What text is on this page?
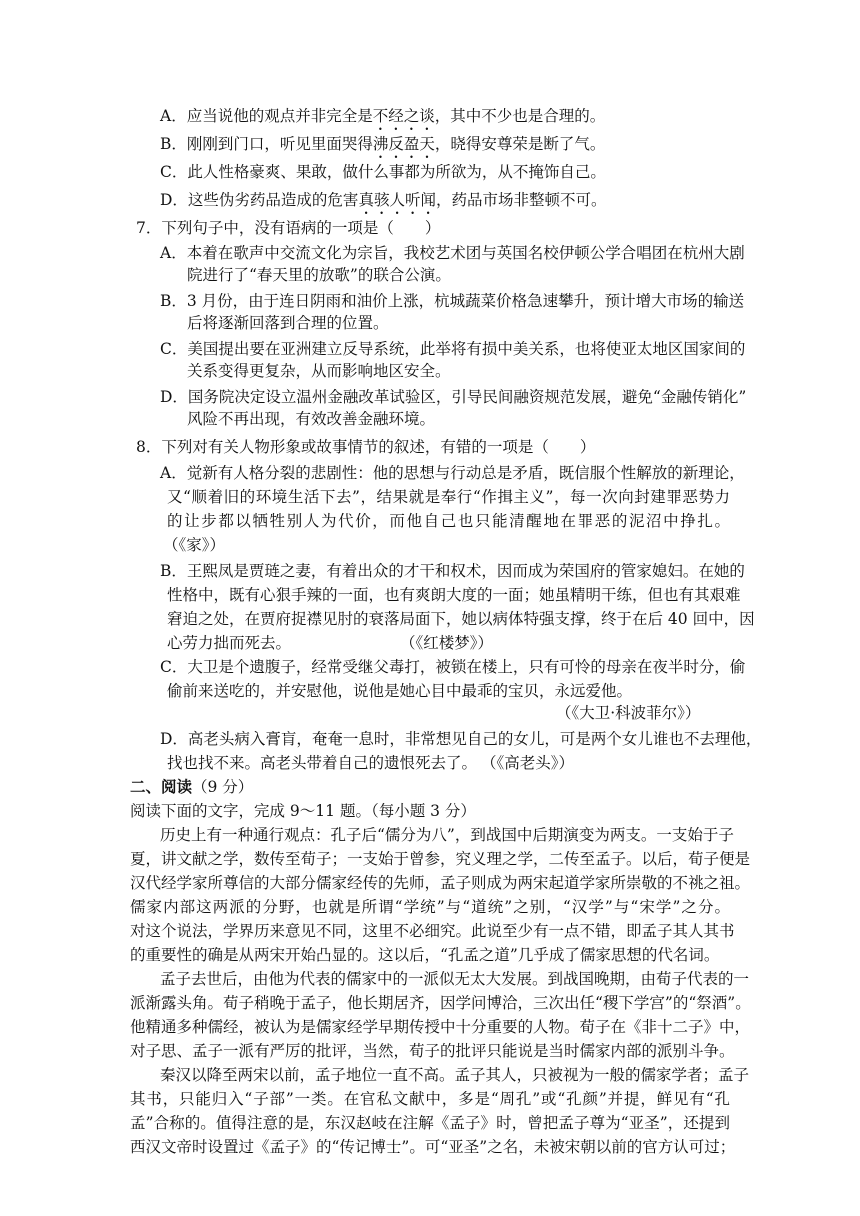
A．应当说他的观点并非完全是不经之谈，其中不少也是合理的。
B．刚刚到门口，听见里面哭得沸反盈天，晓得安尊荣是断了气。
C．此人性格豪爽、果敢，做什么事都为所欲为，从不掩饰自己。
D．这些伪劣药品造成的危害真骇人听闻，药品市场非整顿不可。
7．下列句子中，没有语病的一项是（　　）
A．本着在歌声中交流文化为宗旨，我校艺术团与英国名校伊顿公学合唱团在杭州大剧
院进行了“春天里的放歌”的联合公演。
B．3 月份，由于连日阴雨和油价上涨，杭城蔬菜价格急速攀升，预计增大市场的输送
后将逐渐回落到合理的位置。
C．美国提出要在亚洲建立反导系统，此举将有损中美关系，也将使亚太地区国家间的
关系变得更复杂，从而影响地区安全。
D．国务院决定设立温州金融改革试验区，引导民间融资规范发展，避免“金融传销化”
风险不再出现，有效改善金融环境。
8．下列对有关人物形象或故事情节的叙述，有错的一项是（　　）
A．觉新有人格分裂的悲剧性：他的思想与行动总是矛盾，既信服个性解放的新理论，
又“顺着旧的环境生活下去”，结果就是奉行“作揖主义”，每一次向封建罪恶势力
的让步都以牺牲别人为代价，而他自己也只能清醒地在罪恶的泥沼中挣扎。
（《家》）
B．王熙凤是贾琏之妻，有着出众的才干和权术，因而成为荣国府的管家媳妇。在她的
性格中，既有心狠手辣的一面，也有爽朗大度的一面；她虽精明干练，但也有其艰难
窘迫之处，在贾府捉襟见肘的衰落局面下，她以病体特强支撑，终于在后 40 回中，因
心劳力拙而死去。	（《红楼梦》）
C．大卫是个遗腹子，经常受继父毒打，被锁在楼上，只有可怜的母亲在夜半时分，偷
偷前来送吃的，并安慰他，说他是她心目中最乖的宝贝，永远爱他。
（《大卫·科波菲尔》）
D．高老头病入膏肓，奄奄一息时，非常想见自己的女儿，可是两个女儿谁也不去理他，
找也找不来。高老头带着自己的遗恨死去了。 （《高老头》）
二、阅读（9 分）
阅读下面的文字，完成 9～11 题。（每小题 3 分）
历史上有一种通行观点：孔子后“儒分为八”，到战国中后期演变为两支。一支始于子
夏，讲文献之学，数传至荀子；一支始于曾参，究义理之学，二传至孟子。以后，荀子便是
汉代经学家所尊信的大部分儒家经传的先师，孟子则成为两宋起道学家所崇敬的不祧之祖。
儒家内部这两派的分野，也就是所谓“学统”与“道统”之别，“汉学”与“宋学”之分。
对这个说法，学界历来意见不同，这里不必细究。此说至少有一点不错，即孟子其人其书
的重要性的确是从两宋开始凸显的。这以后，“孔孟之道”几乎成了儒家思想的代名词。
孟子去世后，由他为代表的儒家中的一派似无太大发展。到战国晚期，由荀子代表的一
派渐露头角。荀子稍晚于孟子，他长期居齐，因学问博洽，三次出任“稷下学宫”的“祭酒”。
他精通多种儒经，被认为是儒家经学早期传授中十分重要的人物。荀子在《非十二子》中，
对子思、孟子一派有严厉的批评，当然，荀子的批评只能说是当时儒家内部的派别斗争。
秦汉以降至两宋以前，孟子地位一直不高。孟子其人，只被视为一般的儒家学者；孟子
其书，只能归入“子部”一类。在官私文献中，多是“周孔”或“孔颜”并提，鲜见有“孔
孟”合称的。值得注意的是，东汉赵岐在注解《孟子》时，曾把孟子尊为“亚圣”，还提到
西汉文帝时设置过《孟子》的“传记博士”。可“亚圣”之名，未被宋朝以前的官方认可过；
